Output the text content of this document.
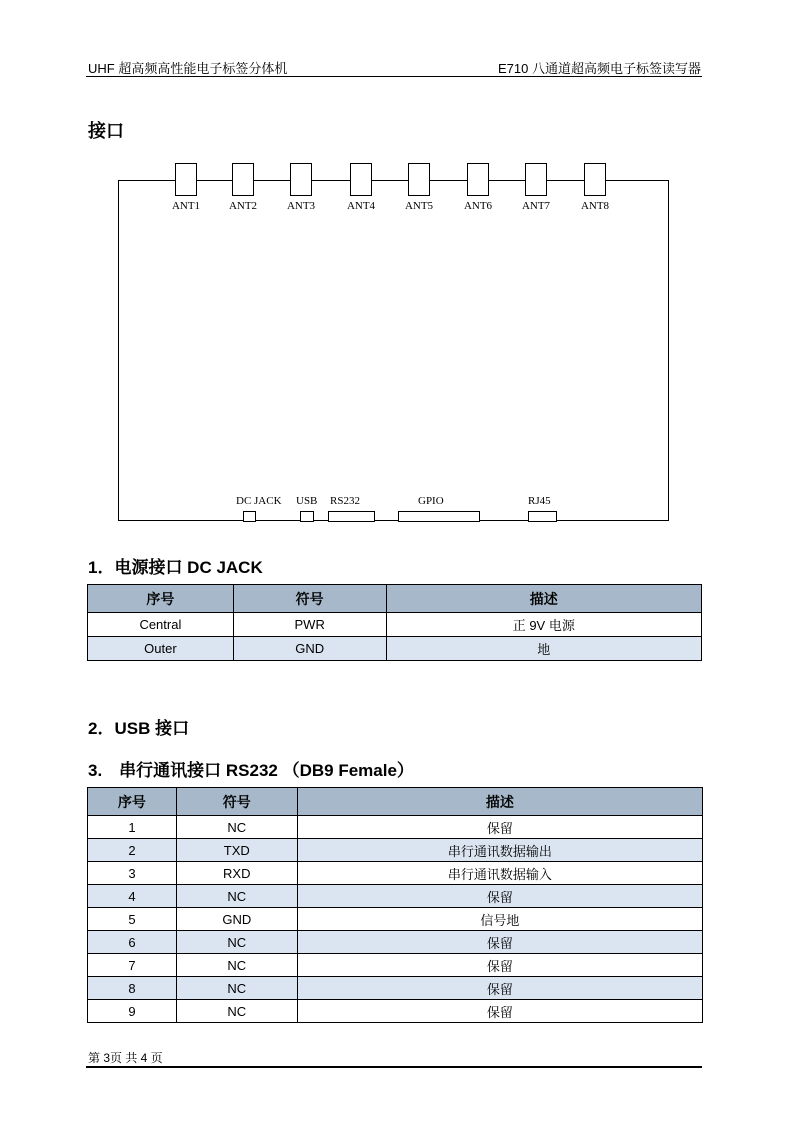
UHF 超高频高性能电子标签分体机	E710 八通道超高频电子标签读写器
接口
ANT1	ANT2	ANT3	ANT4	ANT5	ANT6	ANT7	ANT8
DC JACK	USB	RS232	GPIO	RJ45
1．电源接口 DC JACK
序号	符号	描述
Central	PWR	正 9V 电源
Outer	GND	地
2．USB 接口
3.　串行通讯接口 RS232 （DB9 Female）
序号	符号	描述
1	NC	保留
2	TXD	串行通讯数据输出
3	RXD	串行通讯数据输入
4	NC	保留
5	GND	信号地
6	NC	保留
7	NC	保留
8	NC	保留
9	NC	保留
第 3页 共 4 页
